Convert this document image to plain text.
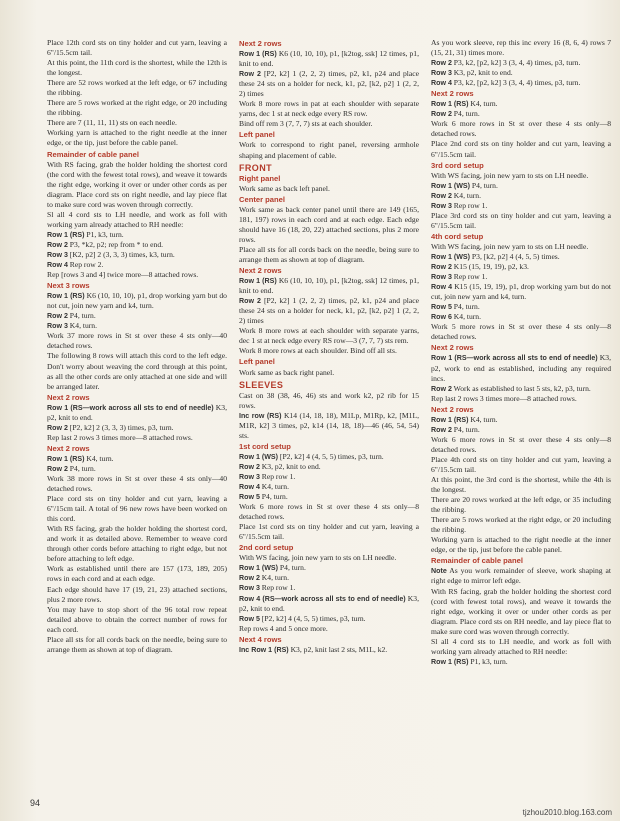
Place 12th cord sts on tiny holder and cut yarn, leaving a 6"/15.5cm tail.

At this point, the 11th cord is the shortest, while the 12th is the longest.

There are 52 rows worked at the left edge, or 67 including the ribbing.

There are 5 rows worked at the right edge, or 20 including the ribbing.

There are 7 (11, 11, 11) sts on each needle.

Working yarn is attached to the right needle at the inner edge, or the tip, just before the cable panel.

Remainder of cable panel

With RS facing, grab the holder holding the shortest cord (the cord with the fewest total rows), and weave it towards the right edge, working it over or under other cords as per diagram. Place cord sts on right needle, and lay piece flat to make sure cord was woven through correctly.

Sl all 4 cord sts to LH needle, and work as foll with working yarn already attached to RH needle:

Row 1 (RS) P1, k3, turn.

Row 2 P3, *k2, p2; rep from * to end.

Row 3 [K2, p2] 2 (3, 3, 3) times, k3, turn.

Row 4 Rep row 2.

Rep [rows 3 and 4] twice more—8 attached rows.

Next 3 rows

Row 1 (RS) K6 (10, 10, 10), p1, drop working yarn but do not cut, join new yarn and k4, turn.

Row 2 P4, turn.

Row 3 K4, turn.

Work 37 more rows in St st over these 4 sts only—40 detached rows.

The following 8 rows will attach this cord to the left edge. Don't worry about weaving the cord through at this point, as all the other cords are only attached at one side and will be arranged later.

Next 2 rows

Row 1 (RS—work across all sts to end of needle) K3, p2, knit to end.

Row 2 [P2, k2] 2 (3, 3, 3) times, p3, turn.

Rep last 2 rows 3 times more—8 attached rows.

Next 2 rows

Row 1 (RS) K4, turn.

Row 2 P4, turn.

Work 38 more rows in St st over these 4 sts only—40 detached rows.

Place cord sts on tiny holder and cut yarn, leaving a 6"/15cm tail. A total of 96 new rows have been worked on this cord.

With RS facing, grab the holder holding the shortest cord, and work it as detailed above. Remember to weave cord through other cords before attaching to right edge, but not before attaching to left edge.

Work as established until there are 157 (173, 189, 205) rows in each cord and at each edge.

Each edge should have 17 (19, 21, 23) attached sections, plus 2 more rows.

You may have to stop short of the 96 total row repeat detailed above to obtain the correct number of rows for each cord.

Place all sts for all cords back on the needle, being sure to arrange them as shown at top of diagram.

Next 2 rows

Row 1 (RS) K6 (10, 10, 10), p1, [k2tog, ssk] 12 times, p1, knit to end.

Row 2 [P2, k2] 1 (2, 2, 2) times, p2, k1, p24 and place these 24 sts on a holder for neck, k1, p2, [k2, p2] 1 (2, 2, 2) times

Work 8 more rows in pat at each shoulder with separate yarns, dec 1 st at neck edge every RS row.

Bind off rem 3 (7, 7, 7) sts at each shoulder.

Left panel

Work to correspond to right panel, reversing armhole shaping and placement of cable.

FRONT
Right panel

Work same as back left panel.

Center panel

Work same as back center panel until there are 149 (165, 181, 197) rows in each cord and at each edge. Each edge should have 16 (18, 20, 22) attached sections, plus 2 more rows.

Place all sts for all cords back on the needle, being sure to arrange them as shown at top of diagram.

Next 2 rows

Row 1 (RS) K6 (10, 10, 10), p1, [k2tog, ssk] 12 times, p1, knit to end.

Row 2 [P2, k2] 1 (2, 2, 2) times, p2, k1, p24 and place these 24 sts on a holder for neck, k1, p2, [k2, p2] 1 (2, 2, 2) times

Work 8 more rows at each shoulder with separate yarns, dec 1 st at neck edge every RS row—3 (7, 7, 7) sts rem.

Work 8 more rows at each shoulder. Bind off all sts.

Left panel

Work same as back right panel.

SLEEVES

Cast on 38 (38, 46, 46) sts and work k2, p2 rib for 15 rows.

Inc row (RS) K14 (14, 18, 18), M1Lp, M1Rp, k2, [M1L, M1R, k2] 3 times, p2, k14 (14, 18, 18)—46 (46, 54, 54) sts.

1st cord setup

Row 1 (WS) [P2, k2] 4 (4, 5, 5) times, p3, turn.

Row 2 K3, p2, knit to end.

Row 3 Rep row 1.

Row 4 K4, turn.

Row 5 P4, turn.

Work 6 more rows in St st over these 4 sts only—8 detached rows.

Place 1st cord sts on tiny holder and cut yarn, leaving a 6"/15.5cm tail.

2nd cord setup

With WS facing, join new yarn to sts on LH needle.

Row 1 (WS) P4, turn.

Row 2 K4, turn.

Row 3 Rep row 1.

Row 4 (RS—work across all sts to end of needle) K3, p2, knit to end.

Row 5 [P2, k2] 4 (4, 5, 5) times, p3, turn.

Rep rows 4 and 5 once more.

Next 4 rows

Inc Row 1 (RS) K3, p2, knit last 2 sts, M1L, k2.

As you work sleeve, rep this inc every 16 (8, 6, 4) rows 7 (15, 21, 31) times more.

Row 2 P3, k2, [p2, k2] 3 (3, 4, 4) times, p3, turn.

Row 3 K3, p2, knit to end.

Row 4 P3, k2, [p2, k2] 3 (3, 4, 4) times, p3, turn.

Next 2 rows

Row 1 (RS) K4, turn.

Row 2 P4, turn.

Work 6 more rows in St st over these 4 sts only—8 detached rows.

Place 2nd cord sts on tiny holder and cut yarn, leaving a 6"/15.5cm tail.

3rd cord setup

With WS facing, join new yarn to sts on LH needle.

Row 1 (WS) P4, turn.

Row 2 K4, turn.

Row 3 Rep row 1.

Place 3rd cord sts on tiny holder and cut yarn, leaving a 6"/15.5cm tail.

4th cord setup

With WS facing, join new yarn to sts on LH needle.

Row 1 (WS) P3, [k2, p2] 4 (4, 5, 5) times.

Row 2 K15 (15, 19, 19), p2, k3.

Row 3 Rep row 1.

Row 4 K15 (15, 19, 19), p1, drop working yarn but do not cut, join new yarn and k4, turn.

Row 5 P4, turn.

Row 6 K4, turn.

Work 5 more rows in St st over these 4 sts only—8 detached rows.

Next 2 rows

Row 1 (RS—work across all sts to end of needle) K3, p2, work to end as established, including any required incs.

Row 2 Work as established to last 5 sts, k2, p3, turn.

Rep last 2 rows 3 times more—8 attached rows.

Next 2 rows

Row 1 (RS) K4, turn.

Row 2 P4, turn.

Work 6 more rows in St st over these 4 sts only—8 detached rows.

Place 4th cord sts on tiny holder and cut yarn, leaving a 6"/15.5cm tail.

At this point, the 3rd cord is the shortest, while the 4th is the longest.

There are 20 rows worked at the left edge, or 35 including the ribbing.

There are 5 rows worked at the right edge, or 20 including the ribbing.

Working yarn is attached to the right needle at the inner edge, or the tip, just before the cable panel.

Remainder of cable panel

Note As you work remainder of sleeve, work shaping at right edge to mirror left edge.

With RS facing, grab the holder holding the shortest cord (cord with fewest total rows), and weave it towards the right edge, working it over or under other cords as per diagram. Place cord sts on RH needle, and lay piece flat to make sure cord was woven through correctly.

Sl all 4 cord sts to LH needle, and work as foll with working yarn already attached to RH needle:

Row 1 (RS) P1, k3, turn.

94
tjzhou2010.blog.163.com
